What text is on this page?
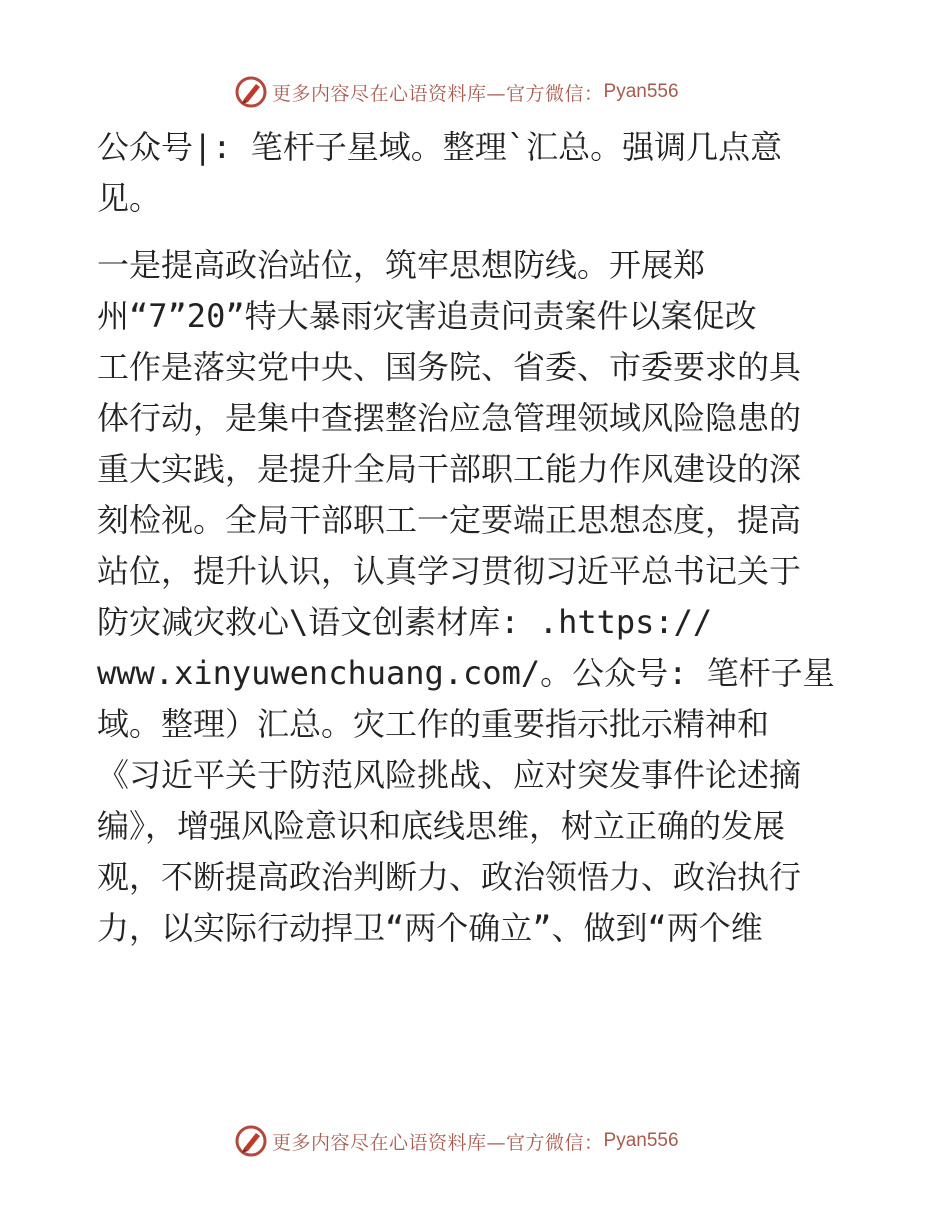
更多内容尽在心语资料库—官方微信： Pyan556
公众号|: 笔杆子星域。整理`汇总。强调几点意
见。
一是提高政治站位，筑牢思想防线。开展郑
州“7”20”特大暴雨灾害追责问责案件以案促改
工作是落实党中央、国务院、省委、市委要求的具
体行动，是集中查摆整治应急管理领域风险隐患的
重大实践，是提升全局干部职工能力作风建设的深
刻检视。全局干部职工一定要端正思想态度，提高
站位，提升认识，认真学习贯彻习近平总书记关于
防灾减灾救心\语文创素材库: .https://
www.xinyuwenchuang.com/。公众号: 笔杆子星
域。整理）汇总。灾工作的重要指示批示精神和
《习近平关于防范风险挑战、应对突发事件论述摘
编》，增强风险意识和底线思维，树立正确的发展
观，不断提高政治判断力、政治领悟力、政治执行
力，以实际行动捍卫“两个确立”、做到“两个维
更多内容尽在心语资料库—官方微信： Pyan556
